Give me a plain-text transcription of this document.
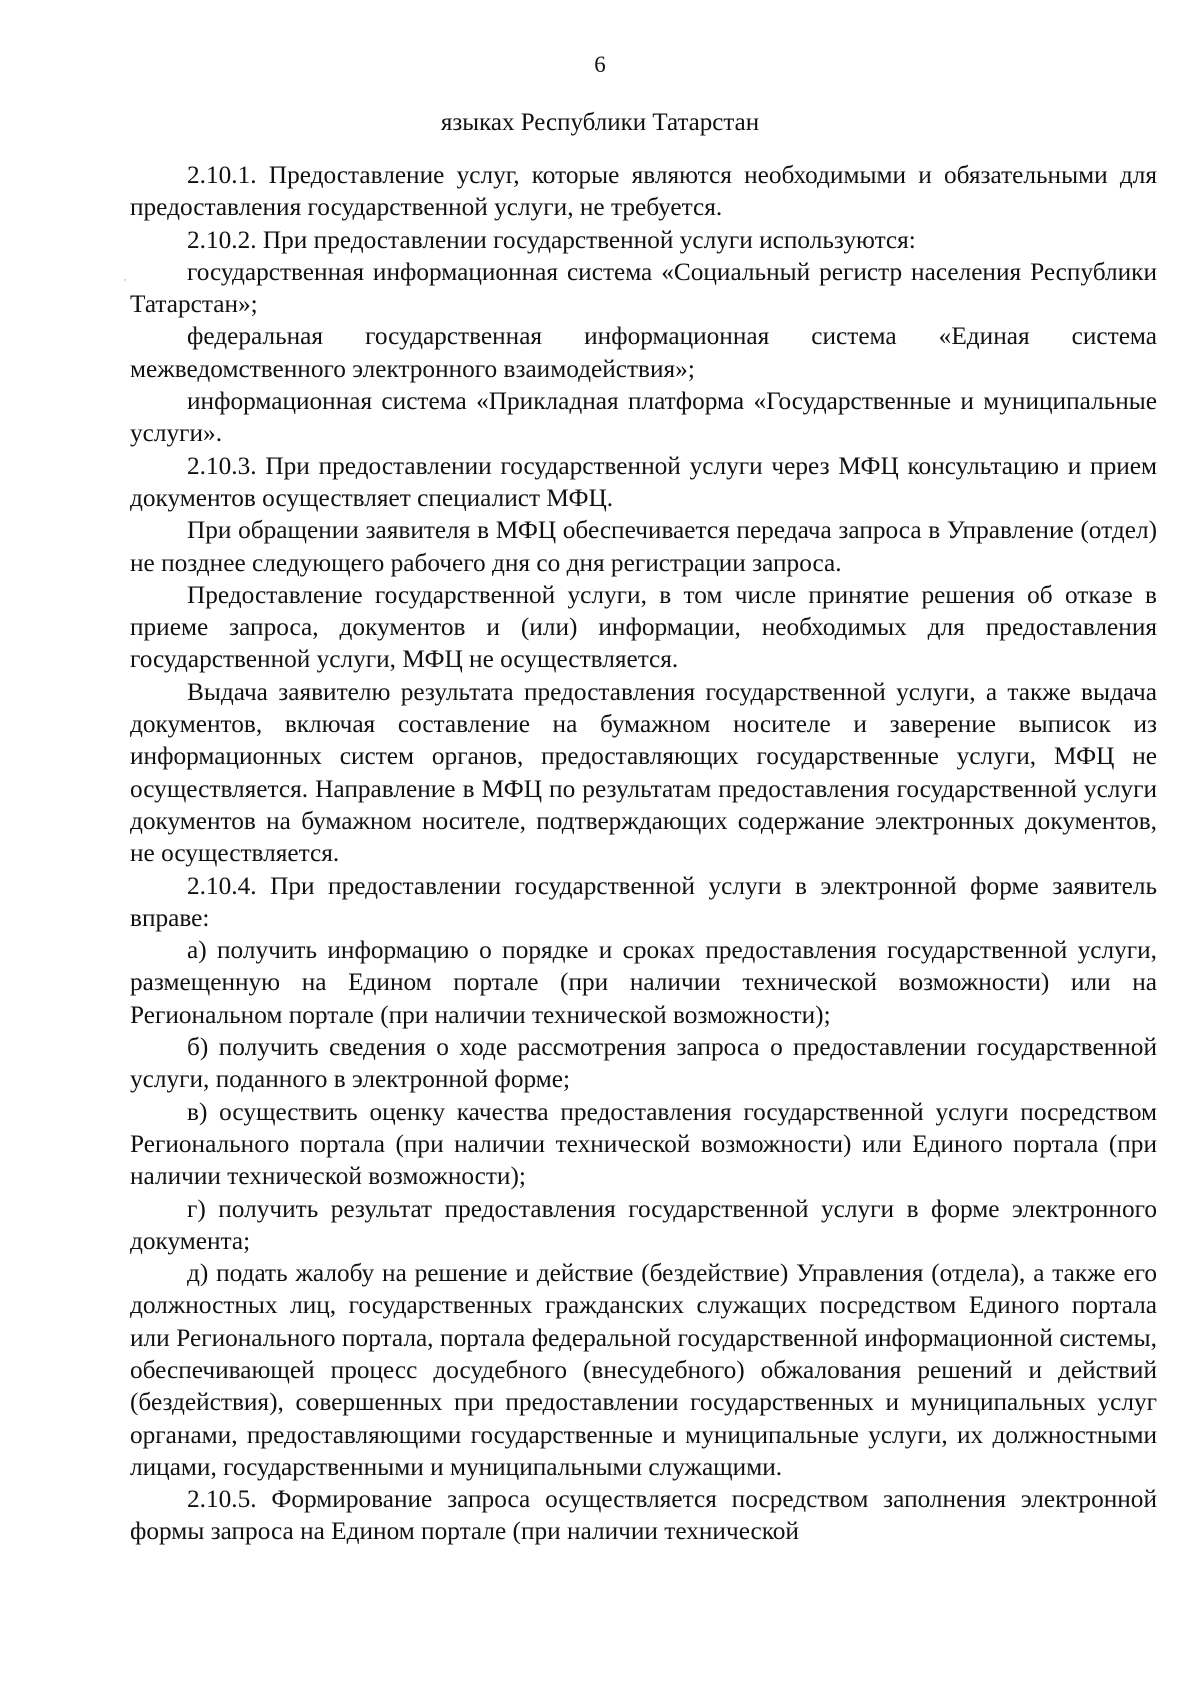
6
языках Республики Татарстан
′

2.10.1. Предоставление услуг, которые являются необходимыми и обязательными для предоставления государственной услуги, не требуется.

2.10.2. При предоставлении государственной услуги используются:

государственная информационная система «Социальный регистр населения Республики Татарстан»;

федеральная государственная информационная система «Единая система межведомственного электронного взаимодействия»;

информационная система «Прикладная платформа «Государственные и муниципальные услуги».

2.10.3. При предоставлении государственной услуги через МФЦ консультацию и прием документов осуществляет специалист МФЦ.

При обращении заявителя в МФЦ обеспечивается передача запроса в Управление (отдел) не позднее следующего рабочего дня со дня регистрации запроса.

Предоставление государственной услуги, в том числе принятие решения об отказе в приеме запроса, документов и (или) информации, необходимых для предоставления государственной услуги, МФЦ не осуществляется.

Выдача заявителю результата предоставления государственной услуги, а также выдача документов, включая составление на бумажном носителе и заверение выписок из информационных систем органов, предоставляющих государственные услуги, МФЦ не осуществляется. Направление в МФЦ по результатам предоставления государственной услуги документов на бумажном носителе, подтверждающих содержание электронных документов, не осуществляется.

2.10.4. При предоставлении государственной услуги в электронной форме заявитель вправе:

а) получить информацию о порядке и сроках предоставления государственной услуги, размещенную на Едином портале (при наличии технической возможности) или на Региональном портале (при наличии технической возможности);

б) получить сведения о ходе рассмотрения запроса о предоставлении государственной услуги, поданного в электронной форме;

в) осуществить оценку качества предоставления государственной услуги посредством Регионального портала (при наличии технической возможности) или Единого портала (при наличии технической возможности);

г) получить результат предоставления государственной услуги в форме электронного документа;

д) подать жалобу на решение и действие (бездействие) Управления (отдела), а также его должностных лиц, государственных гражданских служащих посредством Единого портала или Регионального портала, портала федеральной государственной информационной системы, обеспечивающей процесс досудебного (внесудебного) обжалования решений и действий (бездействия), совершенных при предоставлении государственных и муниципальных услуг органами, предоставляющими государственные и муниципальные услуги, их должностными лицами, государственными и муниципальными служащими.

2.10.5. Формирование запроса осуществляется посредством заполнения электронной формы запроса на Едином портале (при наличии технической
